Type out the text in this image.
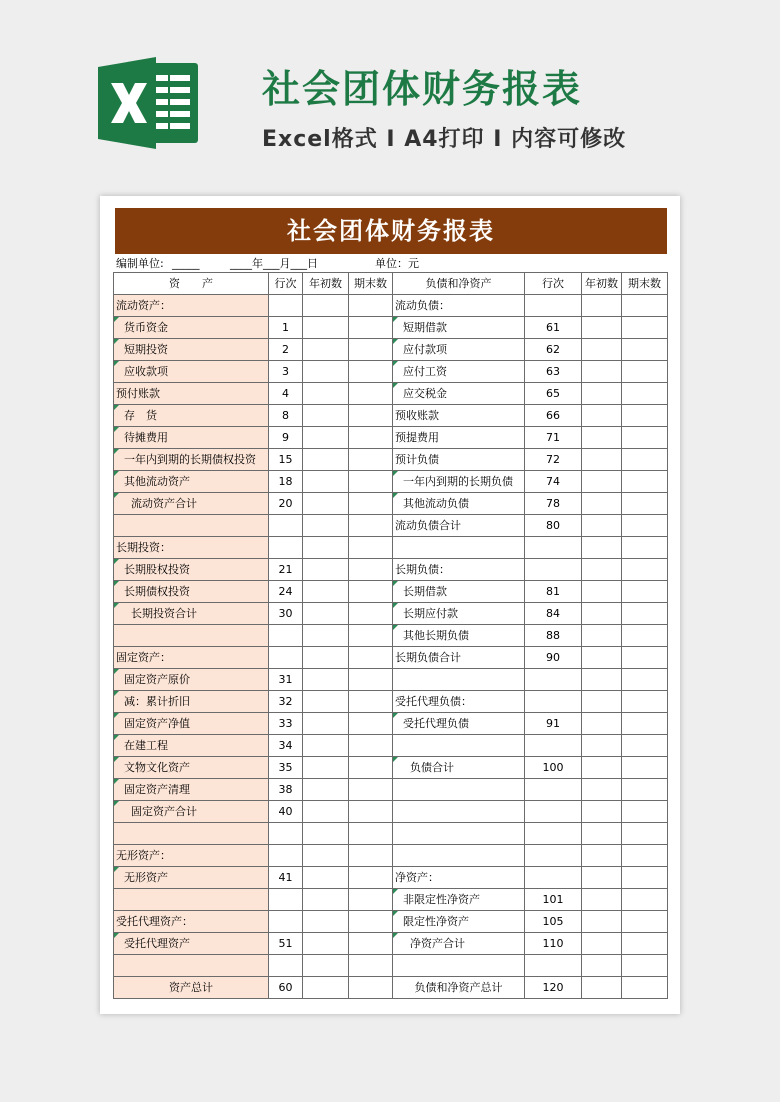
社会团体财务报表
Excel格式 I A4打印 I 内容可修改
社会团体财务报表
编制单位: _____	____年___月___日	单位：元
资　　产	行次	年初数	期末数	负债和净资产	行次	年初数	期末数
流动资产：				流动负债：			
货币资金	1			短期借款	61		
短期投资	2			应付款项	62		
应收款项	3			应付工资	63		
预付账款	4			应交税金	65		
存　货	8			预收账款	66		
待摊费用	9			预提费用	71		
一年内到期的长期债权投资	15			预计负债	72		
其他流动资产	18			一年内到期的长期负债	74		
流动资产合计	20			其他流动负债	78		
				流动负债合计	80		
长期投资：							
长期股权投资	21			长期负债：			
长期债权投资	24			长期借款	81		
长期投资合计	30			长期应付款	84		
				其他长期负债	88		
固定资产：				长期负债合计	90		
固定资产原价	31						
减：累计折旧	32			受托代理负债：			
固定资产净值	33			受托代理负债	91		
在建工程	34						
文物文化资产	35			负债合计	100		
固定资产清理	38						
固定资产合计	40						

无形资产：							
无形资产	41			净资产：			
				非限定性净资产	101		
受托代理资产：				限定性净资产	105		
受托代理资产	51			净资产合计	110		

资产总计	60			负债和净资产总计	120		
